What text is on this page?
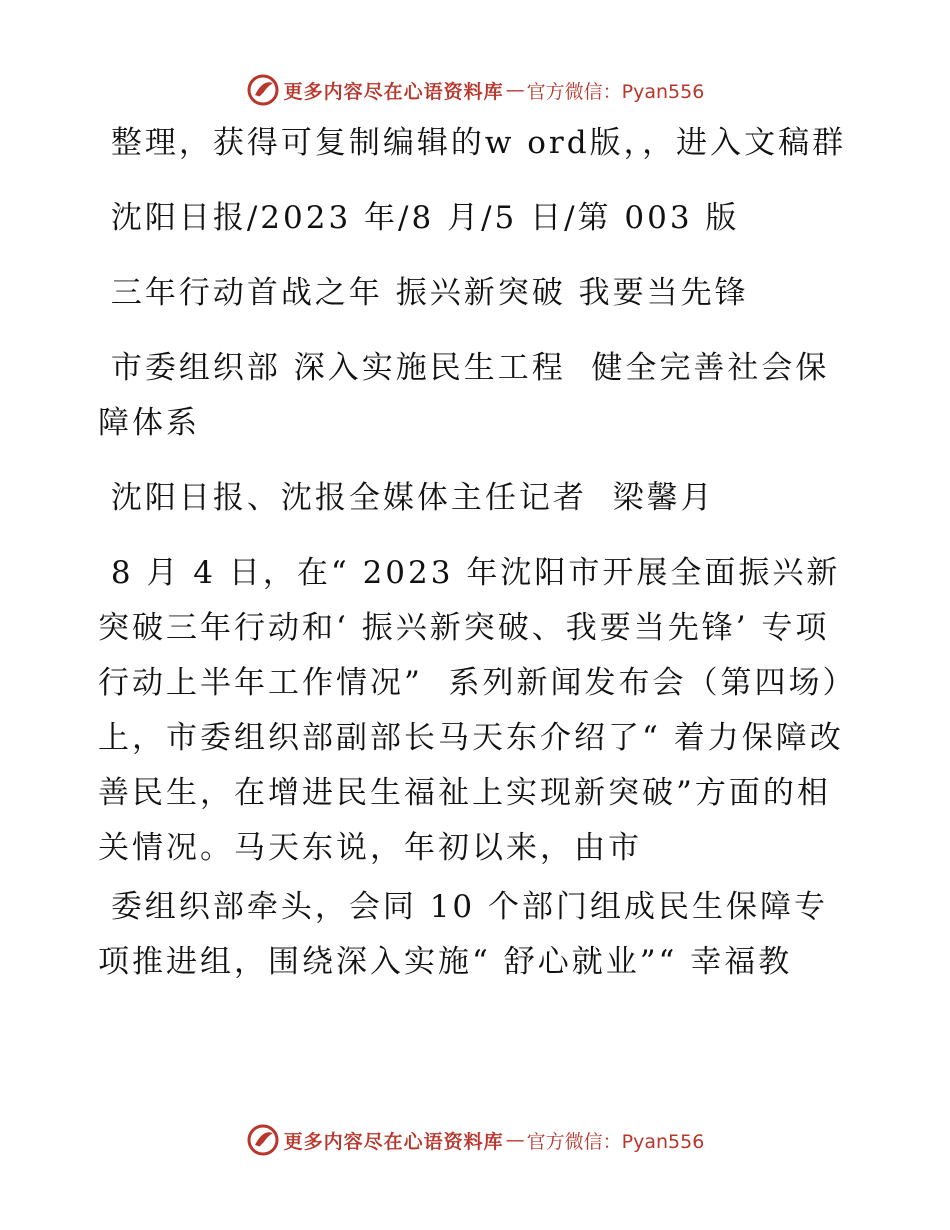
更多内容尽在心语资料库 — 官方微信：Pyan556

整理，获得可复制编辑的w ord版，，进入文稿群

沈阳日报/2023 年/8 月/5 日/第 003 版

三年行动首战之年 振兴新突破 我要当先锋

市委组织部 深入实施民生工程  健全完善社会保障体系

沈阳日报、沈报全媒体主任记者  梁馨月

8 月 4 日，在“ 2023 年沈阳市开展全面振兴新突破三年行动和‘ 振兴新突破、我要当先锋’ 专项行动上半年工作情况”  系列新闻发布会（第四场）上，市委组织部副部长马天东介绍了“ 着力保障改善民生，在增进民生福祉上实现新突破”方面的相关情况。马天东说，年初以来，由市

委组织部牵头，会同 10 个部门组成民生保障专项推进组，围绕深入实施“ 舒心就业”“ 幸福教

更多内容尽在心语资料库 — 官方微信：Pyan556
